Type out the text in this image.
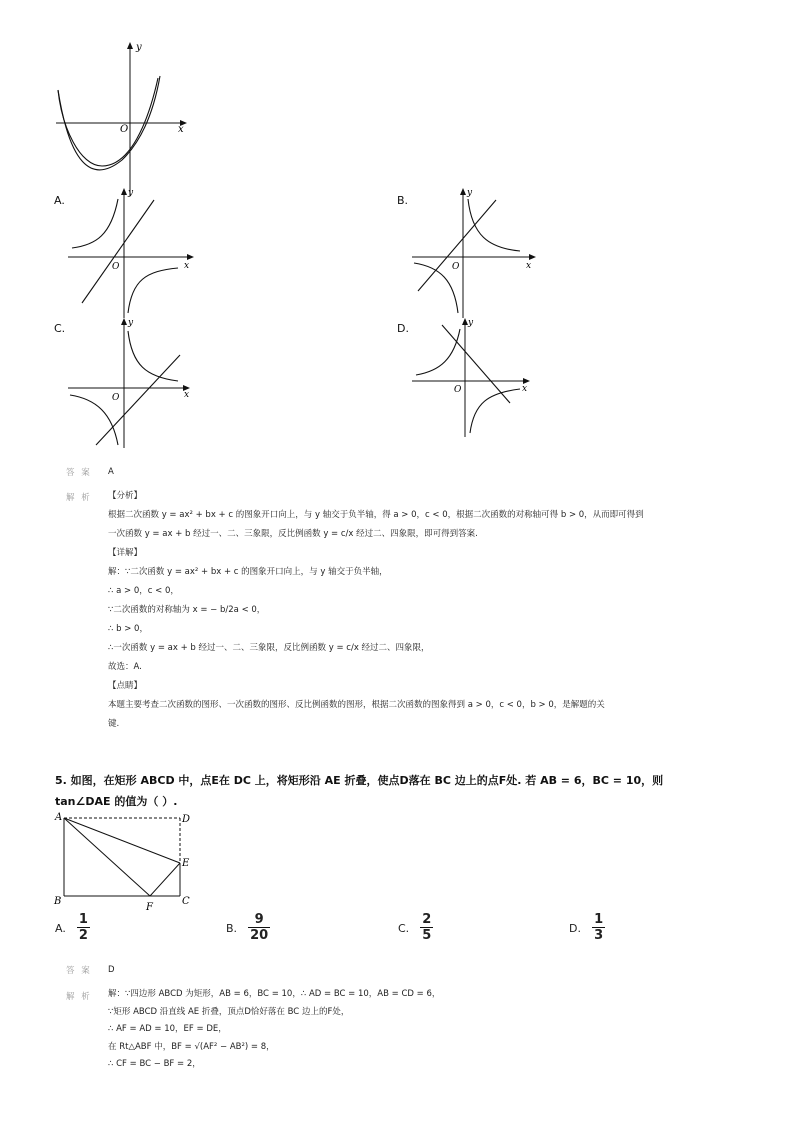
y
x
O
A.
O	x
y
B.
O	x
y
C.
O	x
y	D.
O	x
y
答 案 A
解 析 【分析】
根据二次函数 y = ax² + bx + c 的图象开口向上，与 y 轴交于负半轴，得 a > 0，c < 0，根据二次函数的对称轴可得 b > 0，从而即可得到
一次函数 y = ax + b 经过一、二、三象限，反比例函数 y = c/x 经过二、四象限，即可得到答案.
【详解】
解：∵二次函数 y = ax² + bx + c 的图象开口向上，与 y 轴交于负半轴，
∴ a > 0，c < 0，
∵二次函数的对称轴为 x = − b/2a < 0，
∴ b > 0，
∴一次函数 y = ax + b 经过一、二、三象限，反比例函数 y = c/x 经过二、四象限，
故选：A.
【点睛】
本题主要考查二次函数的图形、一次函数的图形、反比例函数的图形，根据二次函数的图象得到 a > 0，c < 0，b > 0，是解题的关
键.
5. 如图，在矩形 ABCD 中，点E在 DC 上，将矩形沿 AE 折叠，使点D落在 BC 边上的点F处. 若 AB = 6，BC = 10，则
tan∠DAE 的值为（ ）.
A	D
E
B	C
F
A. $\frac{1}{2}$	B. $\frac{9}{20}$	C. $\frac{2}{5}$	D. $\frac{1}{3}$
答 案 D
解 析 解：∵四边形 ABCD 为矩形，AB = 6，BC = 10，∴ AD = BC = 10，AB = CD = 6，
∵矩形 ABCD 沿直线 AE 折叠，顶点D恰好落在 BC 边上的F处，
∴ AF = AD = 10，EF = DE，
在 Rt△ABF 中，BF = √(AF² − AB²) = 8，
∴ CF = BC − BF = 2，
